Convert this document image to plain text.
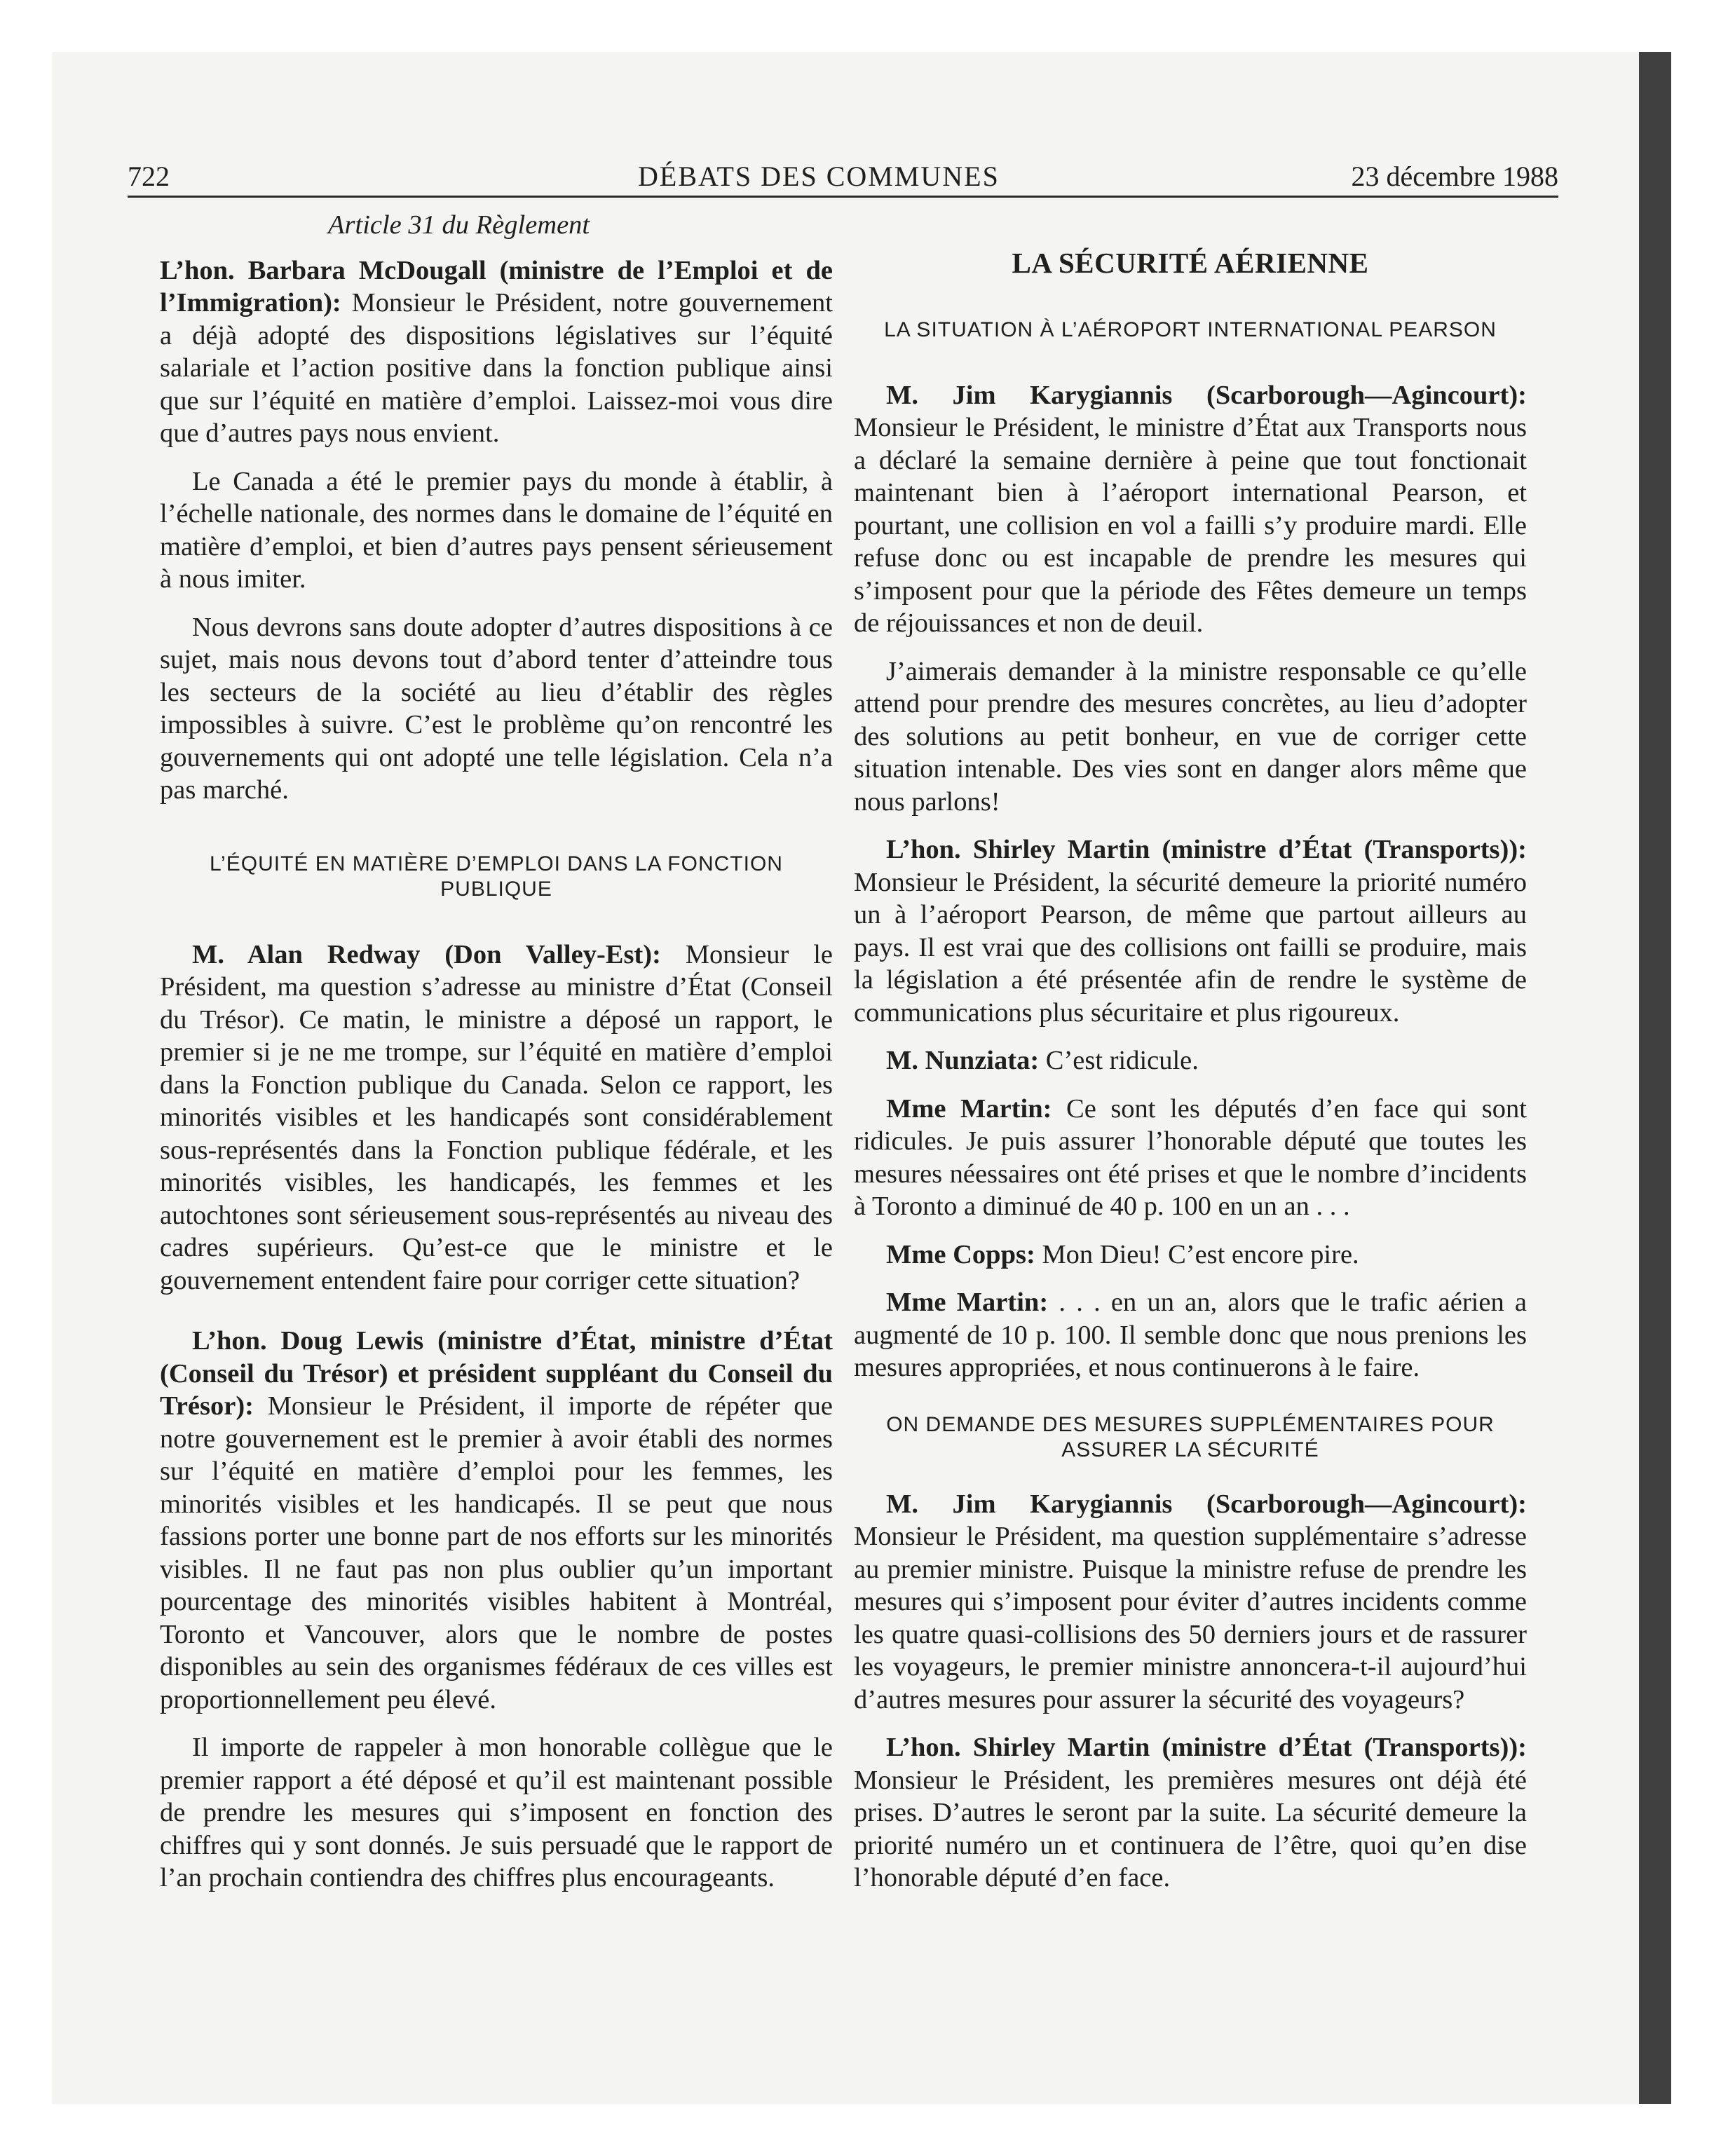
722	DÉBATS DES COMMUNES	23 décembre 1988

Article 31 du Règlement

L’hon. Barbara McDougall (ministre de l’Emploi et de l’Immigration): Monsieur le Président, notre gouvernement a déjà adopté des dispositions législatives sur l’équité salariale et l’action positive dans la fonction publique ainsi que sur l’équité en matière d’emploi. Laissez-moi vous dire que d’autres pays nous envient.

Le Canada a été le premier pays du monde à établir, à l’échelle nationale, des normes dans le domaine de l’équité en matière d’emploi, et bien d’autres pays pensent sérieusement à nous imiter.

Nous devrons sans doute adopter d’autres dispositions à ce sujet, mais nous devons tout d’abord tenter d’atteindre tous les secteurs de la société au lieu d’établir des règles impossibles à suivre. C’est le problème qu’on rencontré les gouvernements qui ont adopté une telle législation. Cela n’a pas marché.

L’ÉQUITÉ EN MATIÈRE D’EMPLOI DANS LA FONCTION PUBLIQUE

M. Alan Redway (Don Valley-Est): Monsieur le Président, ma question s’adresse au ministre d’État (Conseil du Trésor). Ce matin, le ministre a déposé un rapport, le premier si je ne me trompe, sur l’équité en matière d’emploi dans la Fonction publique du Canada. Selon ce rapport, les minorités visibles et les handicapés sont considérablement sous-représentés dans la Fonction publique fédérale, et les minorités visibles, les handicapés, les femmes et les autochtones sont sérieusement sous-représentés au niveau des cadres supérieurs. Qu’est-ce que le ministre et le gouvernement entendent faire pour corriger cette situation?

L’hon. Doug Lewis (ministre d’État, ministre d’État (Conseil du Trésor) et président suppléant du Conseil du Trésor): Monsieur le Président, il importe de répéter que notre gouvernement est le premier à avoir établi des normes sur l’équité en matière d’emploi pour les femmes, les minorités visibles et les handicapés. Il se peut que nous fassions porter une bonne part de nos efforts sur les minorités visibles. Il ne faut pas non plus oublier qu’un important pourcentage des minorités visibles habitent à Montréal, Toronto et Vancouver, alors que le nombre de postes disponibles au sein des organismes fédéraux de ces villes est proportionnellement peu élevé.

Il importe de rappeler à mon honorable collègue que le premier rapport a été déposé et qu’il est maintenant possible de prendre les mesures qui s’imposent en fonction des chiffres qui y sont donnés. Je suis persuadé que le rapport de l’an prochain contiendra des chiffres plus encourageants.

LA SÉCURITÉ AÉRIENNE
LA SITUATION À L’AÉROPORT INTERNATIONAL PEARSON

M. Jim Karygiannis (Scarborough—Agincourt): Monsieur le Président, le ministre d’État aux Transports nous a déclaré la semaine dernière à peine que tout fonctionait maintenant bien à l’aéroport international Pearson, et pourtant, une collision en vol a failli s’y produire mardi. Elle refuse donc ou est incapable de prendre les mesures qui s’imposent pour que la période des Fêtes demeure un temps de réjouissances et non de deuil.

J’aimerais demander à la ministre responsable ce qu’elle attend pour prendre des mesures concrètes, au lieu d’adopter des solutions au petit bonheur, en vue de corriger cette situation intenable. Des vies sont en danger alors même que nous parlons!

L’hon. Shirley Martin (ministre d’État (Transports)): Monsieur le Président, la sécurité demeure la priorité numéro un à l’aéroport Pearson, de même que partout ailleurs au pays. Il est vrai que des collisions ont failli se produire, mais la législation a été présentée afin de rendre le système de communications plus sécuritaire et plus rigoureux.

M. Nunziata: C’est ridicule.

Mme Martin: Ce sont les députés d’en face qui sont ridicules. Je puis assurer l’honorable député que toutes les mesures néessaires ont été prises et que le nombre d’incidents à Toronto a diminué de 40 p. 100 en un an . . .

Mme Copps: Mon Dieu! C’est encore pire.

Mme Martin: . . . en un an, alors que le trafic aérien a augmenté de 10 p. 100. Il semble donc que nous prenions les mesures appropriées, et nous continuerons à le faire.

ON DEMANDE DES MESURES SUPPLÉMENTAIRES POUR ASSURER LA SÉCURITÉ

M. Jim Karygiannis (Scarborough—Agincourt): Monsieur le Président, ma question supplémentaire s’adresse au premier ministre. Puisque la ministre refuse de prendre les mesures qui s’imposent pour éviter d’autres incidents comme les quatre quasi-collisions des 50 derniers jours et de rassurer les voyageurs, le premier ministre annoncera-t-il aujourd’hui d’autres mesures pour assurer la sécurité des voyageurs?

L’hon. Shirley Martin (ministre d’État (Transports)): Monsieur le Président, les premières mesures ont déjà été prises. D’autres le seront par la suite. La sécurité demeure la priorité numéro un et continuera de l’être, quoi qu’en dise l’honorable député d’en face.
